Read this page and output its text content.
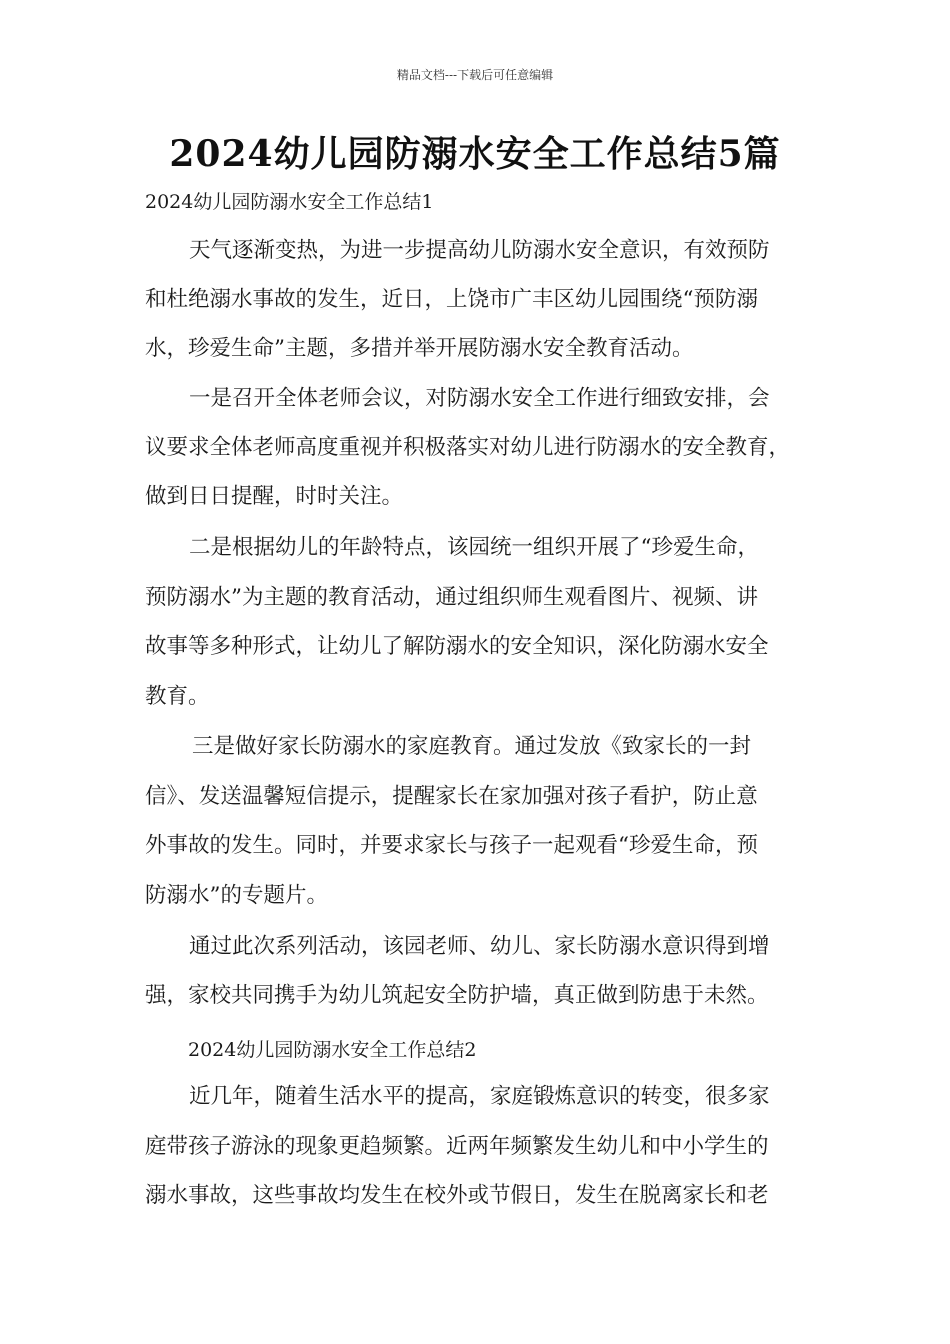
精品文档---下载后可任意编辑
2024幼儿园防溺水安全工作总结5篇
2024幼儿园防溺水安全工作总结1
天气逐渐变热，为进一步提高幼儿防溺水安全意识，有效预防
和杜绝溺水事故的发生，近日，上饶市广丰区幼儿园围绕“预防溺
水，珍爱生命”主题，多措并举开展防溺水安全教育活动。
一是召开全体老师会议，对防溺水安全工作进行细致安排，会
议要求全体老师高度重视并积极落实对幼儿进行防溺水的安全教育，
做到日日提醒，时时关注。
二是根据幼儿的年龄特点，该园统一组织开展了“珍爱生命，
预防溺水”为主题的教育活动，通过组织师生观看图片、视频、讲
故事等多种形式，让幼儿了解防溺水的安全知识，深化防溺水安全
教育。
三是做好家长防溺水的家庭教育。通过发放《致家长的一封
信》、发送温馨短信提示，提醒家长在家加强对孩子看护，防止意
外事故的发生。同时，并要求家长与孩子一起观看“珍爱生命，预
防溺水”的专题片。
通过此次系列活动，该园老师、幼儿、家长防溺水意识得到增
强，家校共同携手为幼儿筑起安全防护墙，真正做到防患于未然。
2024幼儿园防溺水安全工作总结2
近几年，随着生活水平的提高，家庭锻炼意识的转变，很多家
庭带孩子游泳的现象更趋频繁。近两年频繁发生幼儿和中小学生的
溺水事故，这些事故均发生在校外或节假日，发生在脱离家长和老
